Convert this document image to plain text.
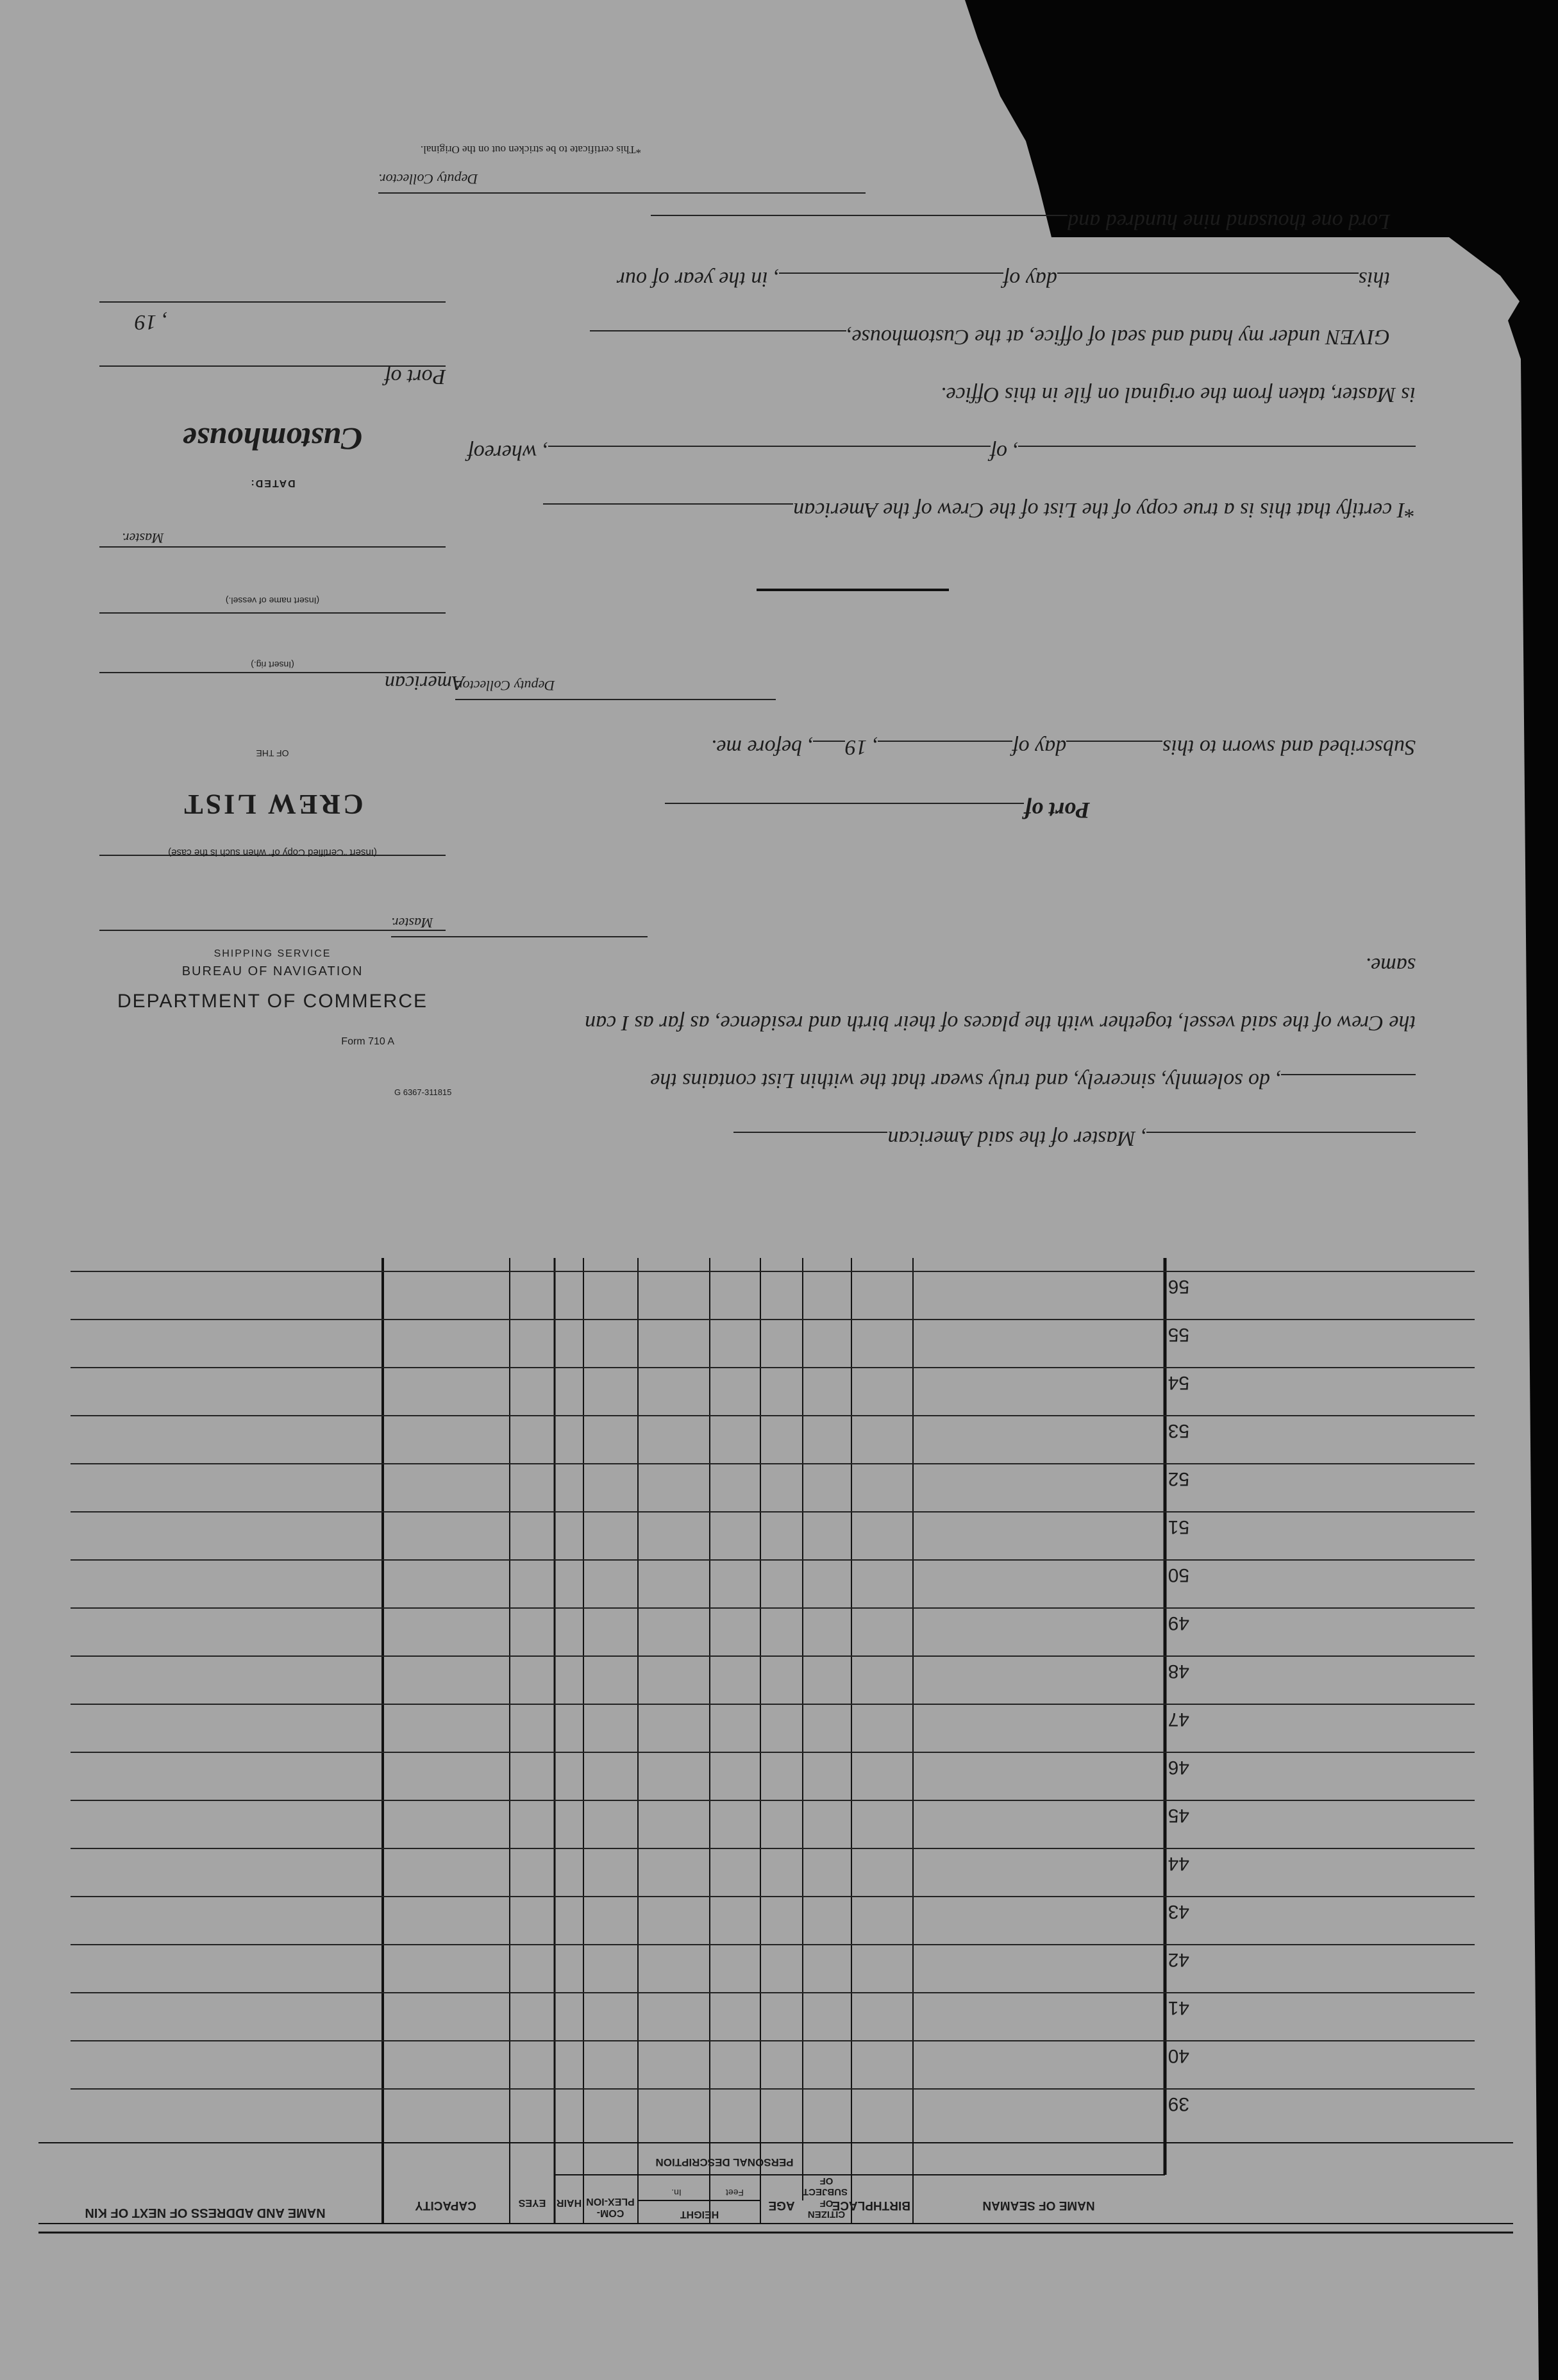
NAME OF SEAMAN
BIRTHPLACE
CITIZEN OF SUBJECT OF
AGE
HEIGHT
Feet
In.
COM-PLEX-ION
HAIR
EYES
PERSONAL DESCRIPTION
CAPACITY
NAME AND ADDRESS OF NEXT OF KIN
39
40
41
42
43
44
45
46
47
48
49
50
51
52
53
54
55
56
, Master of the said American
, do solemnly, sincerely, and truly swear that the within List contains the
the Crew of the said vessel, together with the places of their birth and residence, as far as I can
same.
Master.
Port of
Subscribed and sworn to thisday of, 19, before me.
Deputy Collector.
*I certify that this is a true copy of the List of the Crew of the American
, of, whereof
is Master, taken from the original on file in this Office.
GIVEN under my hand and seal of office, at the Customhouse,
thisday of, in the year of our
Lord one thousand nine hundred and
Deputy Collector.
*This certificate to be stricken out on the Original.
G 6367-311815
Form 710 A
DEPARTMENT OF COMMERCE
BUREAU OF NAVIGATION
SHIPPING SERVICE
(Insert "Certified Copy of" when such is the case)
CREW LIST
OF THE
American
(Insert rig.)
(Insert name of vessel.)
Master.
DATED:
Customhouse
Port of
, 19
